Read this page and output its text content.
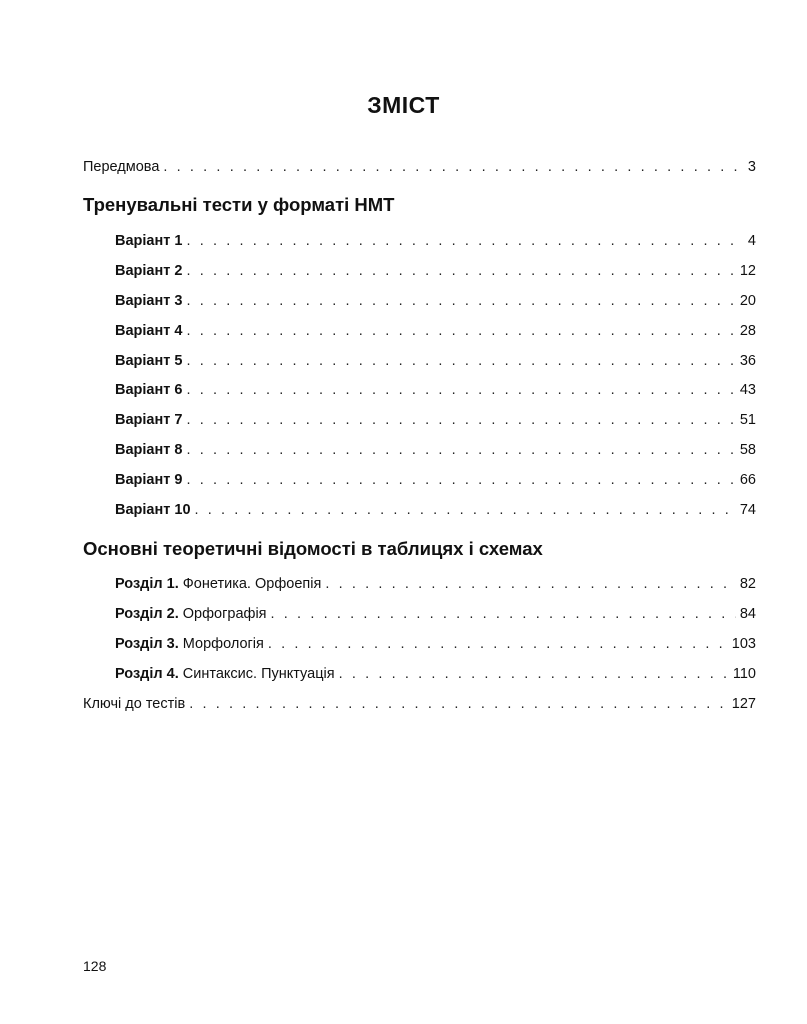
ЗМІСТ
Передмова . . .	3
Тренувальні тести у форматі НМТ
Варіант 1 . . .	4
Варіант 2 . . .	12
Варіант 3 . . .	20
Варіант 4 . . .	28
Варіант 5 . . .	36
Варіант 6 . . .	43
Варіант 7 . . .	51
Варіант 8 . . .	58
Варіант 9 . . .	66
Варіант 10 . . .	74
Основні теоретичні відомості в таблицях і схемах
Розділ 1. Фонетика. Орфоепія . . .	82
Розділ 2. Орфографія . . .	84
Розділ 3. Морфологія . . .	103
Розділ 4. Синтаксис. Пунктуація . . .	110
Ключі до тестів . . .	127
128
